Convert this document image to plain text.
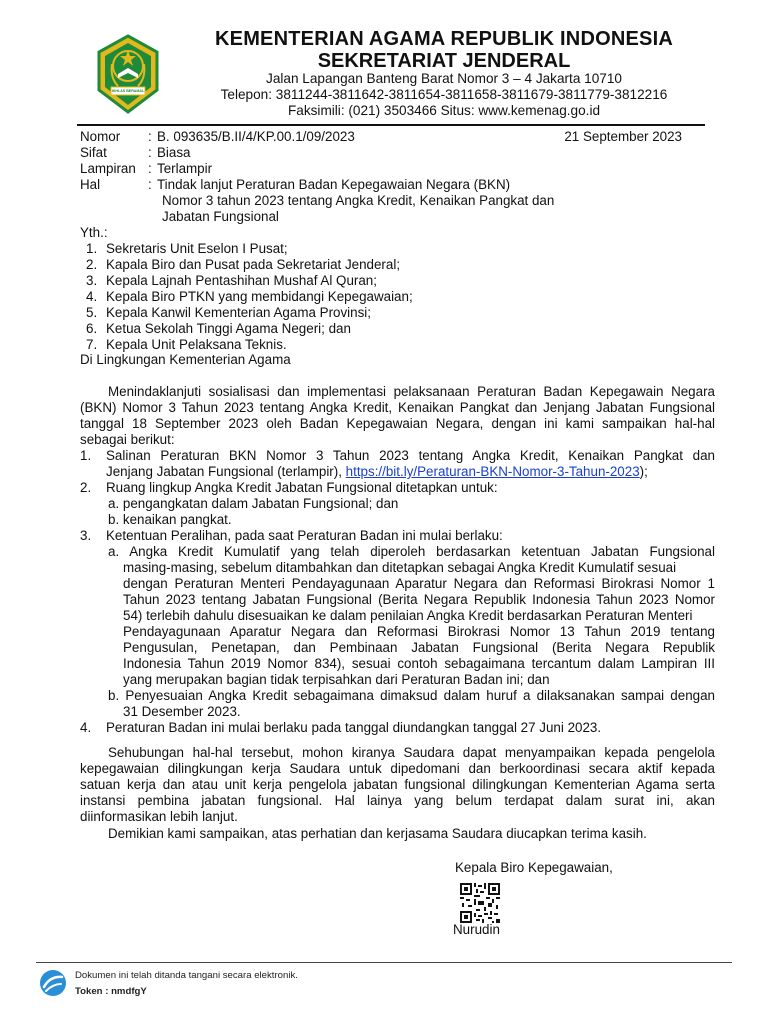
IKHLAS BERAMAL
KEMENTERIAN AGAMA REPUBLIK INDONESIA
SEKRETARIAT JENDERAL
Jalan Lapangan Banteng Barat Nomor 3 – 4 Jakarta 10710
Telepon: 3811244-3811642-3811654-3811658-3811679-3811779-3812216
Faksimili: (021) 3503466 Situs: www.kemenag.go.id
Nomor : B. 093635/B.II/4/KP.00.1/09/2023	21 September 2023
Sifat	: Biasa
Lampiran : Terlampir
Hal	: Tindak lanjut Peraturan Badan Kepegawaian Negara (BKN)
Nomor 3 tahun 2023 tentang Angka Kredit, Kenaikan Pangkat dan
Jabatan Fungsional
Yth.:
1. Sekretaris Unit Eselon I Pusat;
2. Kapala Biro dan Pusat pada Sekretariat Jenderal;
3. Kepala Lajnah Pentashihan Mushaf Al Quran;
4. Kepala Biro PTKN yang membidangi Kepegawaian;
5. Kepala Kanwil Kementerian Agama Provinsi;
6. Ketua Sekolah Tinggi Agama Negeri; dan
7. Kepala Unit Pelaksana Teknis.
Di Lingkungan Kementerian Agama
Menindaklanjuti sosialisasi dan implementasi pelaksanaan Peraturan Badan Kepegawain Negara
(BKN) Nomor 3 Tahun 2023 tentang Angka Kredit, Kenaikan Pangkat dan Jenjang Jabatan Fungsional
tanggal 18 September 2023 oleh Badan Kepegawaian Negara, dengan ini kami sampaikan hal-hal
sebagai berikut:
1.	Salinan Peraturan BKN Nomor 3 Tahun 2023 tentang Angka Kredit, Kenaikan Pangkat dan
Jenjang Jabatan Fungsional (terlampir), https://bit.ly/Peraturan-BKN-Nomor-3-Tahun-2023);
2.	Ruang lingkup Angka Kredit Jabatan Fungsional ditetapkan untuk:
a. pengangkatan dalam Jabatan Fungsional; dan
b. kenaikan pangkat.
3.	Ketentuan Peralihan, pada saat Peraturan Badan ini mulai berlaku:
a. Angka Kredit Kumulatif yang telah diperoleh berdasarkan ketentuan Jabatan Fungsional
masing-masing, sebelum ditambahkan dan ditetapkan sebagai Angka Kredit Kumulatif sesuai
dengan Peraturan Menteri Pendayagunaan Aparatur Negara dan Reformasi Birokrasi Nomor 1
Tahun 2023 tentang Jabatan Fungsional (Berita Negara Republik Indonesia Tahun 2023 Nomor
54) terlebih dahulu disesuaikan ke dalam penilaian Angka Kredit berdasarkan Peraturan Menteri
Pendayagunaan Aparatur Negara dan Reformasi Birokrasi Nomor 13 Tahun 2019 tentang
Pengusulan, Penetapan, dan Pembinaan Jabatan Fungsional (Berita Negara Republik
Indonesia Tahun 2019 Nomor 834), sesuai contoh sebagaimana tercantum dalam Lampiran III
yang merupakan bagian tidak terpisahkan dari Peraturan Badan ini; dan
b. Penyesuaian Angka Kredit sebagaimana dimaksud dalam huruf a dilaksanakan sampai dengan
31 Desember 2023.
4.	Peraturan Badan ini mulai berlaku pada tanggal diundangkan tanggal 27 Juni 2023.
Sehubungan hal-hal tersebut, mohon kiranya Saudara dapat menyampaikan kepada pengelola
kepegawaian dilingkungan kerja Saudara untuk dipedomani dan berkoordinasi secara aktif kepada
satuan kerja dan atau unit kerja pengelola jabatan fungsional dilingkungan Kementerian Agama serta
instansi pembina jabatan fungsional. Hal lainya yang belum terdapat dalam surat ini, akan
diinformasikan lebih lanjut.
Demikian kami sampaikan, atas perhatian dan kerjasama Saudara diucapkan terima kasih.
Kepala Biro Kepegawaian,
Nurudin
Dokumen ini telah ditanda tangani secara elektronik.
Token : nmdfgY
